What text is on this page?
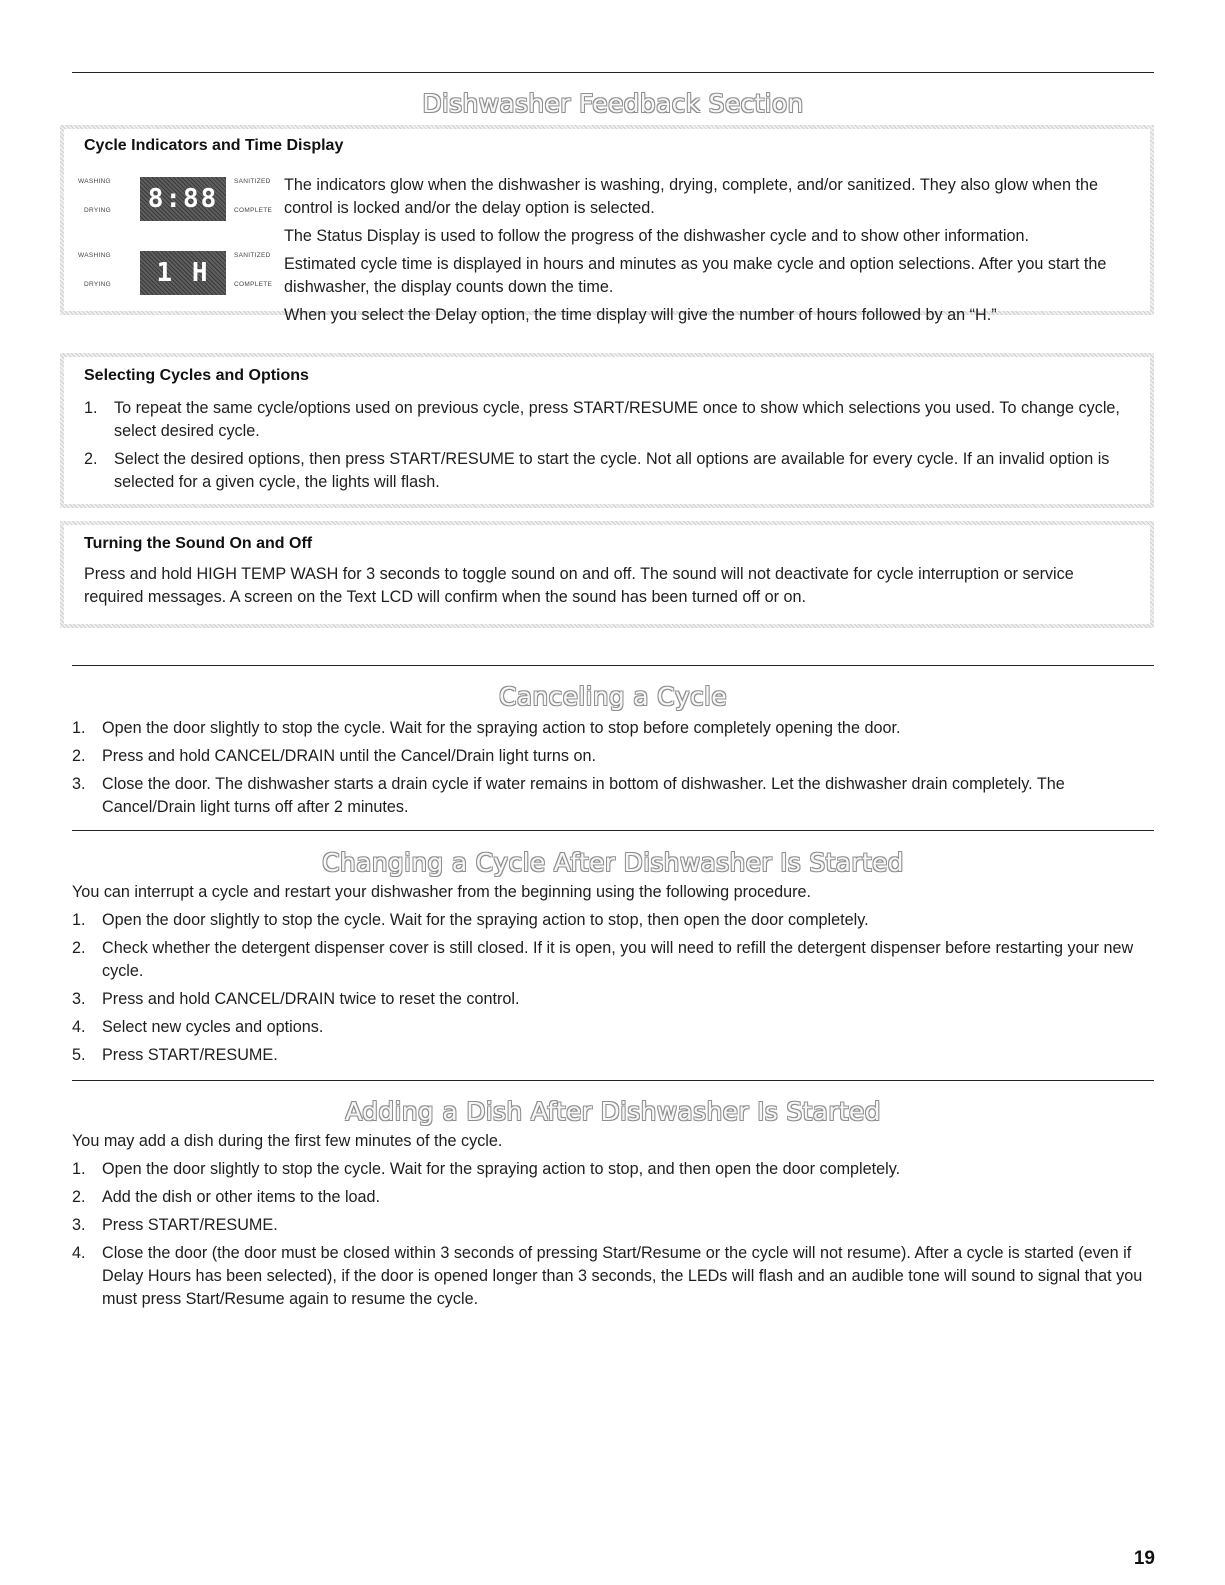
Dishwasher Feedback Section
Cycle Indicators and Time Display
WASHING
DRYING 8:88
SANITIZED
COMPLETE
WASHING
DRYING	1 H
SANITIZED
COMPLETE

The indicators glow when the dishwasher is washing, drying, complete, and/or sanitized. They also glow when the control is locked and/or the delay option is selected.

The Status Display is used to follow the progress of the dishwasher cycle and to show other information.

Estimated cycle time is displayed in hours and minutes as you make cycle and option selections. After you start the dishwasher, the display counts down the time.

When you select the Delay option, the time display will give the number of hours followed by an “H.”

Selecting Cycles and Options
1. To repeat the same cycle/options used on previous cycle, press START/RESUME once to show which selections you used. To change cycle, select desired cycle.
2. Select the desired options, then press START/RESUME to start the cycle. Not all options are available for every cycle. If an invalid option is selected for a given cycle, the lights will flash.
Turning the Sound On and Off

Press and hold HIGH TEMP WASH for 3 seconds to toggle sound on and off. The sound will not deactivate for cycle interruption or service required messages. A screen on the Text LCD will confirm when the sound has been turned off or on.

Canceling a Cycle
1. Open the door slightly to stop the cycle. Wait for the spraying action to stop before completely opening the door.
2. Press and hold CANCEL/DRAIN until the Cancel/Drain light turns on.
3. Close the door. The dishwasher starts a drain cycle if water remains in bottom of dishwasher. Let the dishwasher drain completely. The Cancel/Drain light turns off after 2 minutes.
Changing a Cycle After Dishwasher Is Started

You can interrupt a cycle and restart your dishwasher from the beginning using the following procedure.

1. Open the door slightly to stop the cycle. Wait for the spraying action to stop, then open the door completely.
2. Check whether the detergent dispenser cover is still closed. If it is open, you will need to refill the detergent dispenser before restarting your new cycle.
3. Press and hold CANCEL/DRAIN twice to reset the control.
4. Select new cycles and options.
5. Press START/RESUME.
Adding a Dish After Dishwasher Is Started

You may add a dish during the first few minutes of the cycle.

1. Open the door slightly to stop the cycle. Wait for the spraying action to stop, and then open the door completely.
2. Add the dish or other items to the load.
3. Press START/RESUME.
4. Close the door (the door must be closed within 3 seconds of pressing Start/Resume or the cycle will not resume). After a cycle is started (even if Delay Hours has been selected), if the door is opened longer than 3 seconds, the LEDs will flash and an audible tone will sound to signal that you must press Start/Resume again to resume the cycle.
19
